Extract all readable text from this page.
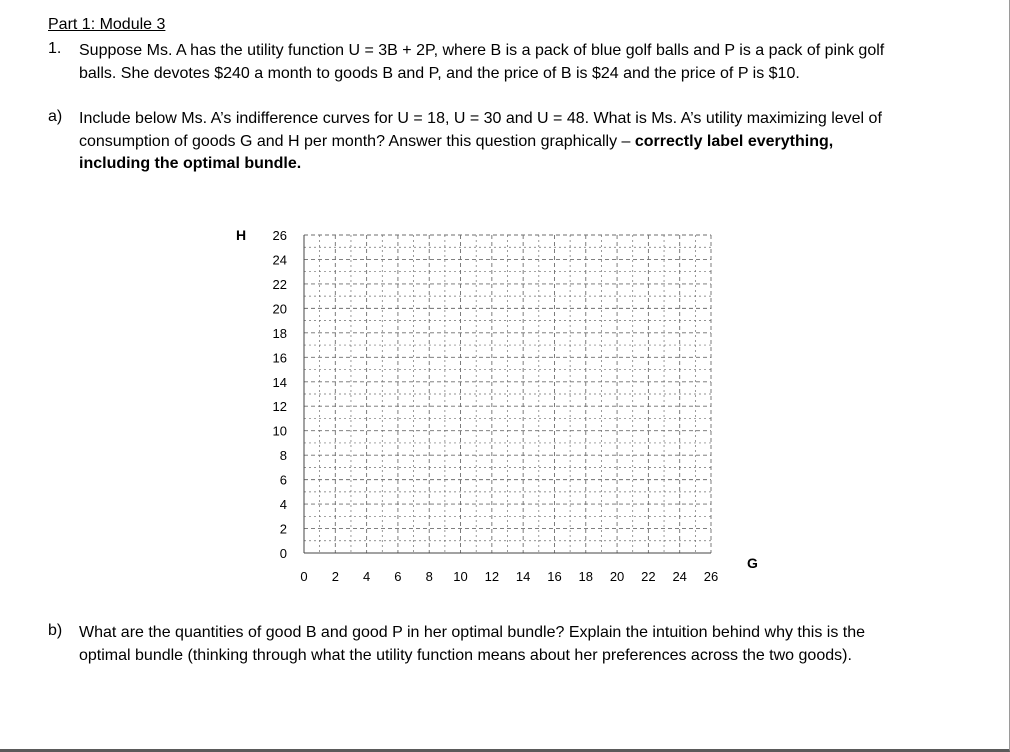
Part 1: Module 3
1. Suppose Ms. A has the utility function U = 3B + 2P, where B is a pack of blue golf balls and P is a pack of pink golf
balls. She devotes $240 a month to goods B and P, and the price of B is $24 and the price of P is $10.
a) Include below Ms. A’s indifference curves for U = 18, U = 30 and U = 48. What is Ms. A’s utility maximizing level of
consumption of goods G and H per month? Answer this question graphically – correctly label everything,
including the optimal bundle.
0 2 4 6 8 10 12 14 16 18 20 22 24 26
0
2
4
6
8
10
12
14
16
18
20
22
24
26
H
G
b) What are the quantities of good B and good P in her optimal bundle? Explain the intuition behind why this is the
optimal bundle (thinking through what the utility function means about her preferences across the two goods).
